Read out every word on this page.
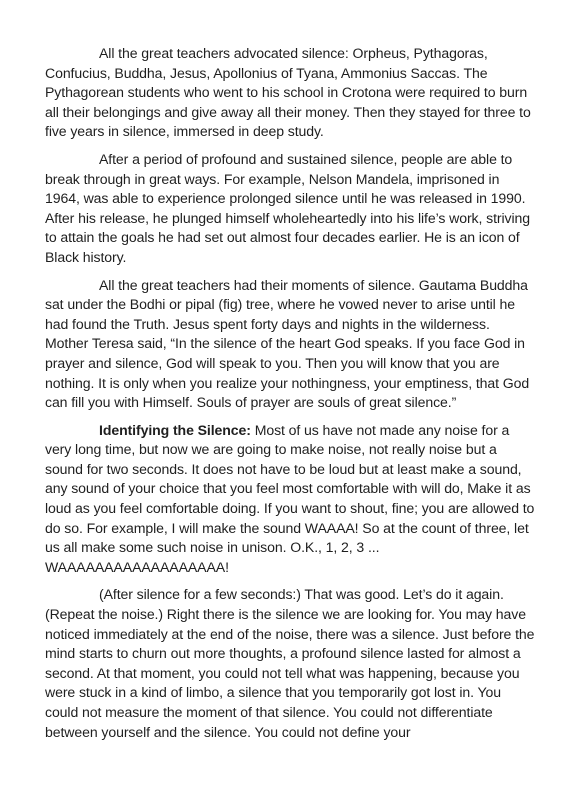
All the great teachers advocated silence: Orpheus, Pythagoras, Confucius, Buddha, Jesus, Apollonius of Tyana, Ammonius Saccas. The Pythagorean students who went to his school in Crotona were required to burn all their belongings and give away all their money. Then they stayed for three to five years in silence, immersed in deep study.

After a period of profound and sustained silence, people are able to break through in great ways. For example, Nelson Mandela, imprisoned in 1964, was able to experience prolonged silence until he was released in 1990. After his release, he plunged himself wholeheartedly into his life’s work, striving to attain the goals he had set out almost four decades earlier. He is an icon of Black history.

All the great teachers had their moments of silence. Gautama Buddha sat under the Bodhi or pipal (fig) tree, where he vowed never to arise until he had found the Truth. Jesus spent forty days and nights in the wilderness. Mother Teresa said, “In the silence of the heart God speaks. If you face God in prayer and silence, God will speak to you. Then you will know that you are nothing. It is only when you realize your nothingness, your emptiness, that God can fill you with Himself. Souls of prayer are souls of great silence.”

Identifying the Silence: Most of us have not made any noise for a very long time, but now we are going to make noise, not really noise but a sound for two seconds. It does not have to be loud but at least make a sound, any sound of your choice that you feel most comfortable with will do, Make it as loud as you feel comfortable doing. If you want to shout, fine; you are allowed to do so. For example, I will make the sound WAAAA! So at the count of three, let us all make some such noise in unison. O.K., 1, 2, 3 ... WAAAAAAAAAAAAAAAAAA!

(After silence for a few seconds:) That was good. Let’s do it again. (Repeat the noise.) Right there is the silence we are looking for. You may have noticed immediately at the end of the noise, there was a silence. Just before the mind starts to churn out more thoughts, a profound silence lasted for almost a second. At that moment, you could not tell what was happening, because you were stuck in a kind of limbo, a silence that you temporarily got lost in. You could not measure the moment of that silence. You could not differentiate between yourself and the silence. You could not define your
